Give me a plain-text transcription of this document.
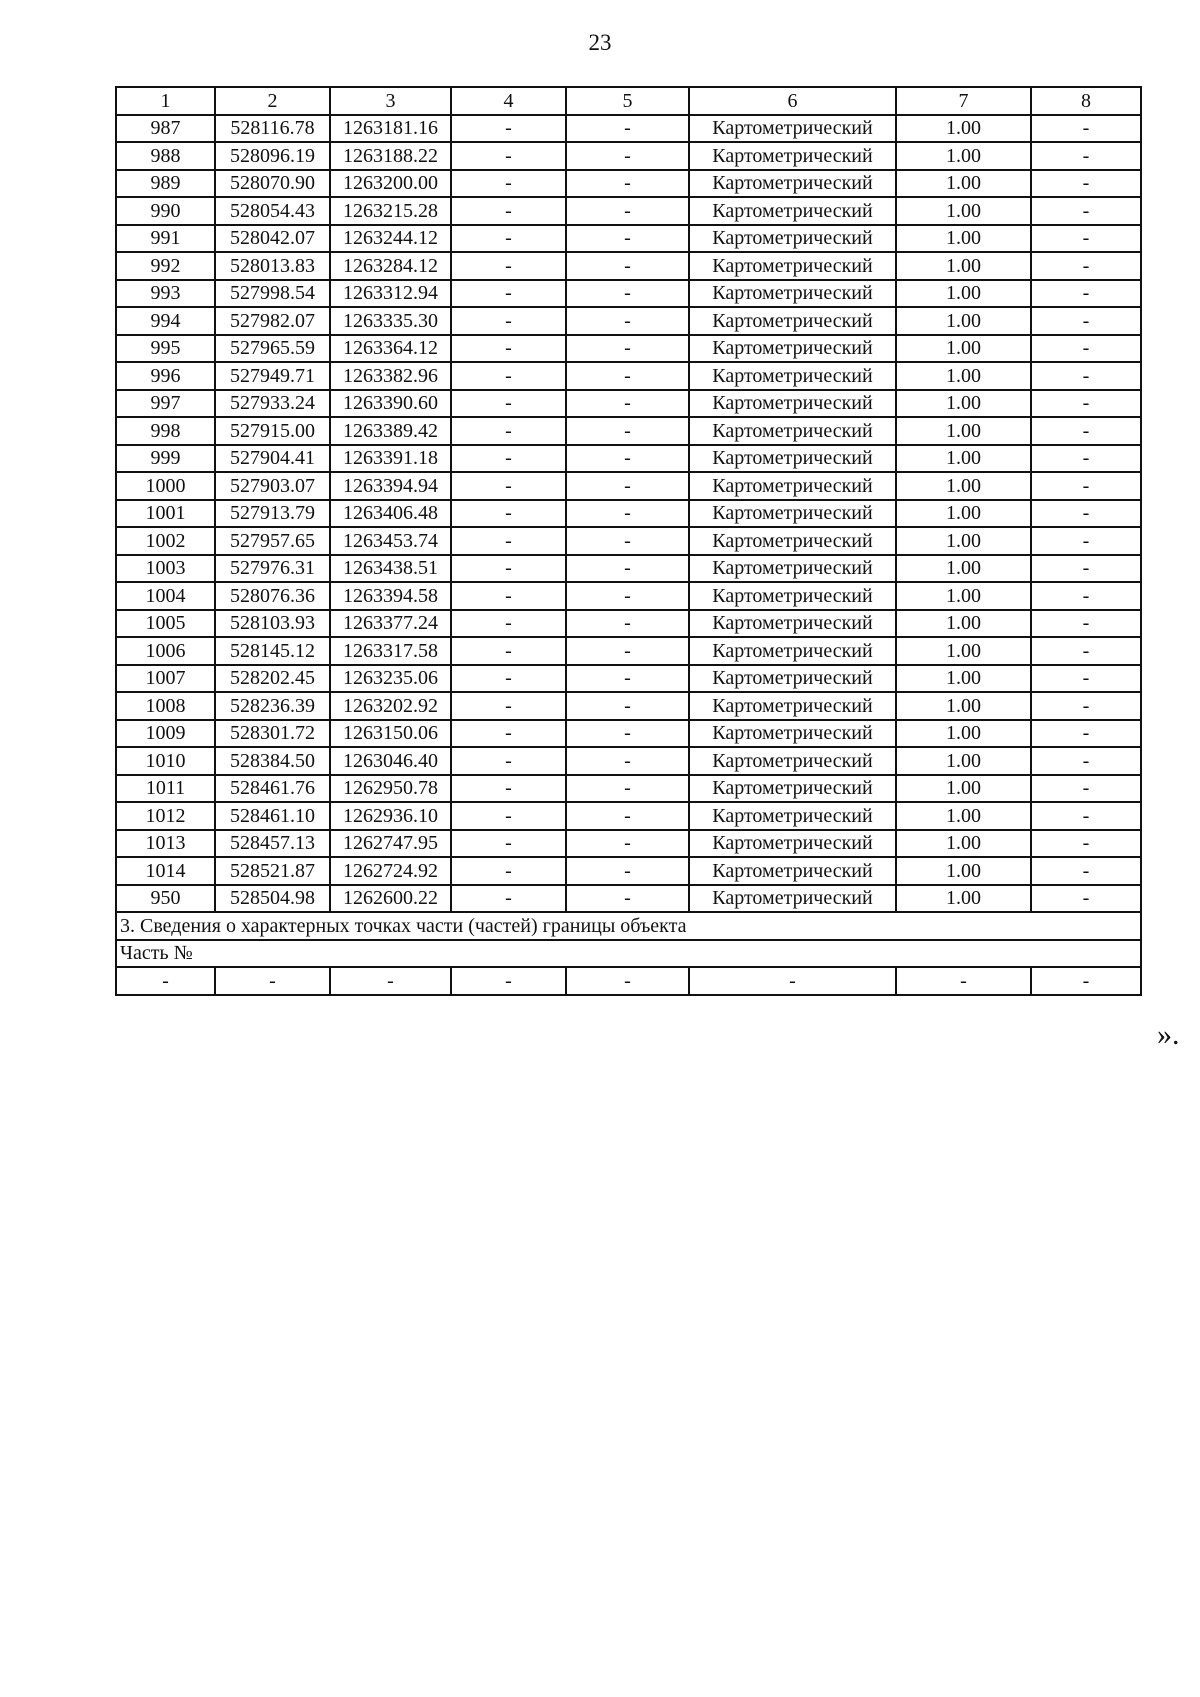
23
1	2	3	4	5	6	7	8
987	528116.78	1263181.16	-	-	Картометрический	1.00	-
988	528096.19	1263188.22	-	-	Картометрический	1.00	-
989	528070.90	1263200.00	-	-	Картометрический	1.00	-
990	528054.43	1263215.28	-	-	Картометрический	1.00	-
991	528042.07	1263244.12	-	-	Картометрический	1.00	-
992	528013.83	1263284.12	-	-	Картометрический	1.00	-
993	527998.54	1263312.94	-	-	Картометрический	1.00	-
994	527982.07	1263335.30	-	-	Картометрический	1.00	-
995	527965.59	1263364.12	-	-	Картометрический	1.00	-
996	527949.71	1263382.96	-	-	Картометрический	1.00	-
997	527933.24	1263390.60	-	-	Картометрический	1.00	-
998	527915.00	1263389.42	-	-	Картометрический	1.00	-
999	527904.41	1263391.18	-	-	Картометрический	1.00	-
1000	527903.07	1263394.94	-	-	Картометрический	1.00	-
1001	527913.79	1263406.48	-	-	Картометрический	1.00	-
1002	527957.65	1263453.74	-	-	Картометрический	1.00	-
1003	527976.31	1263438.51	-	-	Картометрический	1.00	-
1004	528076.36	1263394.58	-	-	Картометрический	1.00	-
1005	528103.93	1263377.24	-	-	Картометрический	1.00	-
1006	528145.12	1263317.58	-	-	Картометрический	1.00	-
1007	528202.45	1263235.06	-	-	Картометрический	1.00	-
1008	528236.39	1263202.92	-	-	Картометрический	1.00	-
1009	528301.72	1263150.06	-	-	Картометрический	1.00	-
1010	528384.50	1263046.40	-	-	Картометрический	1.00	-
1011	528461.76	1262950.78	-	-	Картометрический	1.00	-
1012	528461.10	1262936.10	-	-	Картометрический	1.00	-
1013	528457.13	1262747.95	-	-	Картометрический	1.00	-
1014	528521.87	1262724.92	-	-	Картометрический	1.00	-
950	528504.98	1262600.22	-	-	Картометрический	1.00	-
3. Сведения о характерных точках части (частей) границы объекта							
Часть №							
-	-	-	-	-	-	-	-
».
